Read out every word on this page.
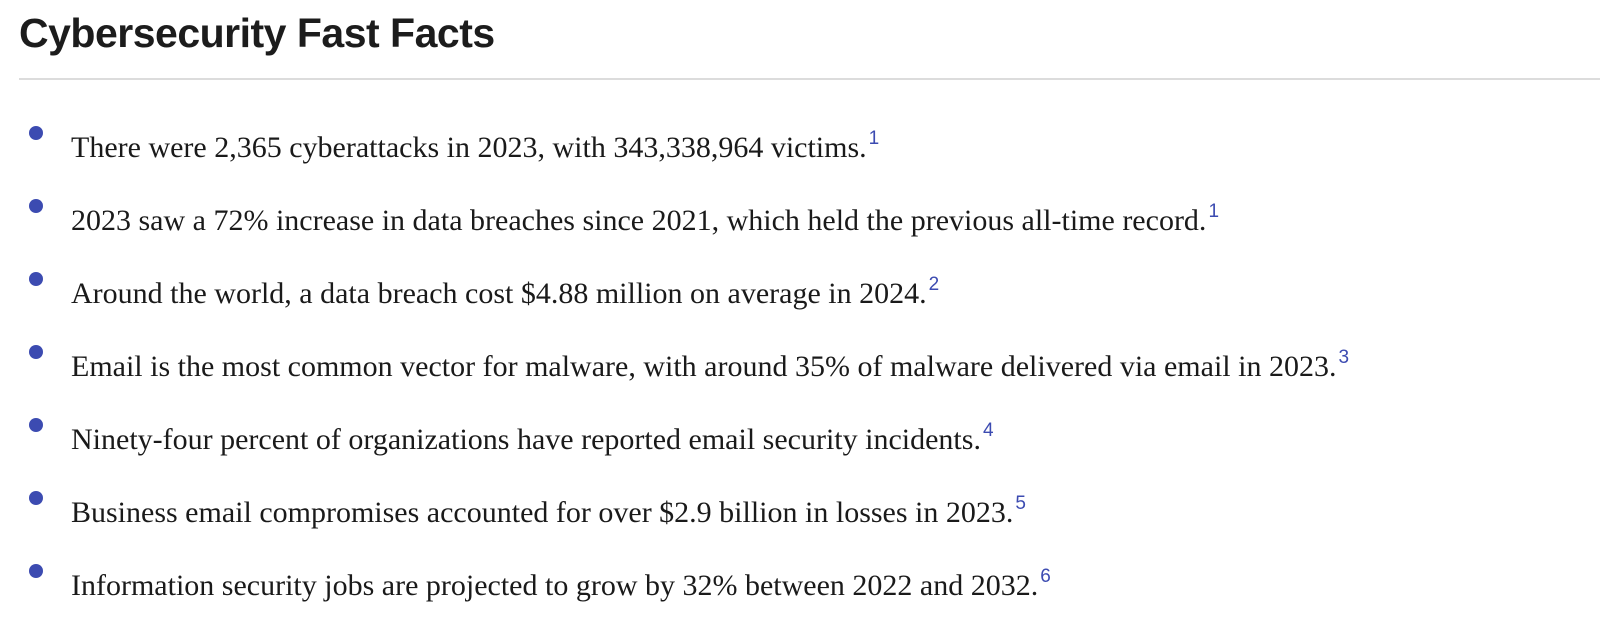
Cybersecurity Fast Facts
There were 2,365 cyberattacks in 2023, with 343,338,964 victims. $^1$
2023 saw a 72% increase in data breaches since 2021, which held the previous all-time record. $^1$
Around the world, a data breach cost $4.88 million on average in 2024. $^2$
Email is the most common vector for malware, with around 35% of malware delivered via email in 2023. $^3$
Ninety-four percent of organizations have reported email security incidents. $^4$
Business email compromises accounted for over $2.9 billion in losses in 2023. $^5$
Information security jobs are projected to grow by 32% between 2022 and 2032. $^6$
